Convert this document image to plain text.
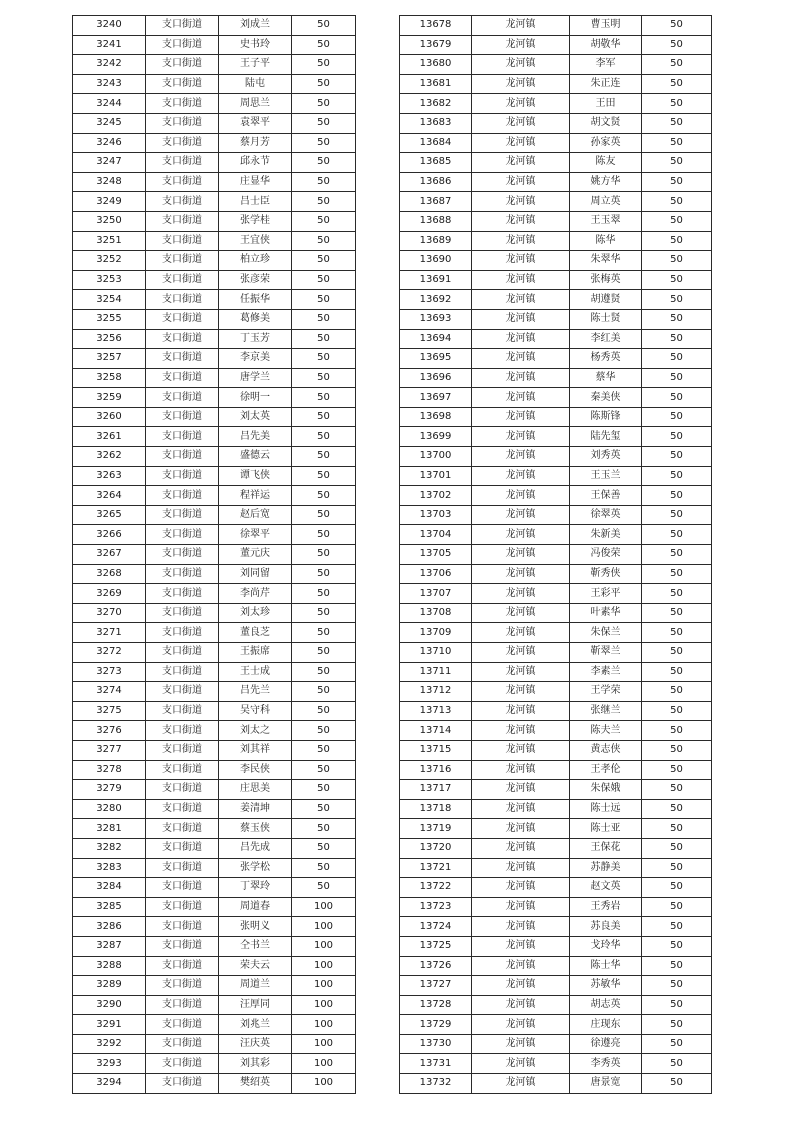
3240	支口街道	刘成兰	50
3241	支口街道	史书玲	50
3242	支口街道	王子平	50
3243	支口街道	陆屯	50
3244	支口街道	周思兰	50
3245	支口街道	袁翠平	50
3246	支口街道	蔡月芳	50
3247	支口街道	邱永节	50
3248	支口街道	庄显华	50
3249	支口街道	吕士臣	50
3250	支口街道	张学桂	50
3251	支口街道	王宜侠	50
3252	支口街道	柏立珍	50
3253	支口街道	张彦荣	50
3254	支口街道	任振华	50
3255	支口街道	葛修美	50
3256	支口街道	丁玉芳	50
3257	支口街道	李京美	50
3258	支口街道	唐学兰	50
3259	支口街道	徐明一	50
3260	支口街道	刘太英	50
3261	支口街道	吕先美	50
3262	支口街道	盛德云	50
3263	支口街道	谭飞侠	50
3264	支口街道	程祥运	50
3265	支口街道	赵后宽	50
3266	支口街道	徐翠平	50
3267	支口街道	董元庆	50
3268	支口街道	刘同留	50
3269	支口街道	李尚芹	50
3270	支口街道	刘太珍	50
3271	支口街道	董良芝	50
3272	支口街道	王振席	50
3273	支口街道	王士成	50
3274	支口街道	吕先兰	50
3275	支口街道	吴守科	50
3276	支口街道	刘太之	50
3277	支口街道	刘其祥	50
3278	支口街道	李民侠	50
3279	支口街道	庄思美	50
3280	支口街道	姜清坤	50
3281	支口街道	蔡玉侠	50
3282	支口街道	吕先成	50
3283	支口街道	张学松	50
3284	支口街道	丁翠玲	50
3285	支口街道	周道春	100
3286	支口街道	张明义	100
3287	支口街道	仝书兰	100
3288	支口街道	荣夫云	100
3289	支口街道	周道兰	100
3290	支口街道	汪厚同	100
3291	支口街道	刘兆兰	100
3292	支口街道	汪庆英	100
3293	支口街道	刘其彩	100
3294	支口街道	樊绍英	100
13678	龙河镇	曹玉明	50
13679	龙河镇	胡敬华	50
13680	龙河镇	李军	50
13681	龙河镇	朱正连	50
13682	龙河镇	王田	50
13683	龙河镇	胡文贤	50
13684	龙河镇	孙家英	50
13685	龙河镇	陈友	50
13686	龙河镇	姚方华	50
13687	龙河镇	周立英	50
13688	龙河镇	王玉翠	50
13689	龙河镇	陈华	50
13690	龙河镇	朱翠华	50
13691	龙河镇	张梅英	50
13692	龙河镇	胡遵贤	50
13693	龙河镇	陈士贤	50
13694	龙河镇	李红美	50
13695	龙河镇	杨秀英	50
13696	龙河镇	蔡华	50
13697	龙河镇	秦美侠	50
13698	龙河镇	陈斯锋	50
13699	龙河镇	陆先玺	50
13700	龙河镇	刘秀英	50
13701	龙河镇	王玉兰	50
13702	龙河镇	王保善	50
13703	龙河镇	徐翠英	50
13704	龙河镇	朱新美	50
13705	龙河镇	冯俊荣	50
13706	龙河镇	靳秀侠	50
13707	龙河镇	王彩平	50
13708	龙河镇	叶素华	50
13709	龙河镇	朱保兰	50
13710	龙河镇	靳翠兰	50
13711	龙河镇	李素兰	50
13712	龙河镇	王学荣	50
13713	龙河镇	张继兰	50
13714	龙河镇	陈夫兰	50
13715	龙河镇	黄志侠	50
13716	龙河镇	王孝伦	50
13717	龙河镇	朱保娥	50
13718	龙河镇	陈士远	50
13719	龙河镇	陈士亚	50
13720	龙河镇	王保花	50
13721	龙河镇	苏静美	50
13722	龙河镇	赵文英	50
13723	龙河镇	王秀岩	50
13724	龙河镇	苏良美	50
13725	龙河镇	戈玲华	50
13726	龙河镇	陈士华	50
13727	龙河镇	苏敏华	50
13728	龙河镇	胡志英	50
13729	龙河镇	庄现东	50
13730	龙河镇	徐遵亮	50
13731	龙河镇	李秀英	50
13732	龙河镇	唐景宽	50
